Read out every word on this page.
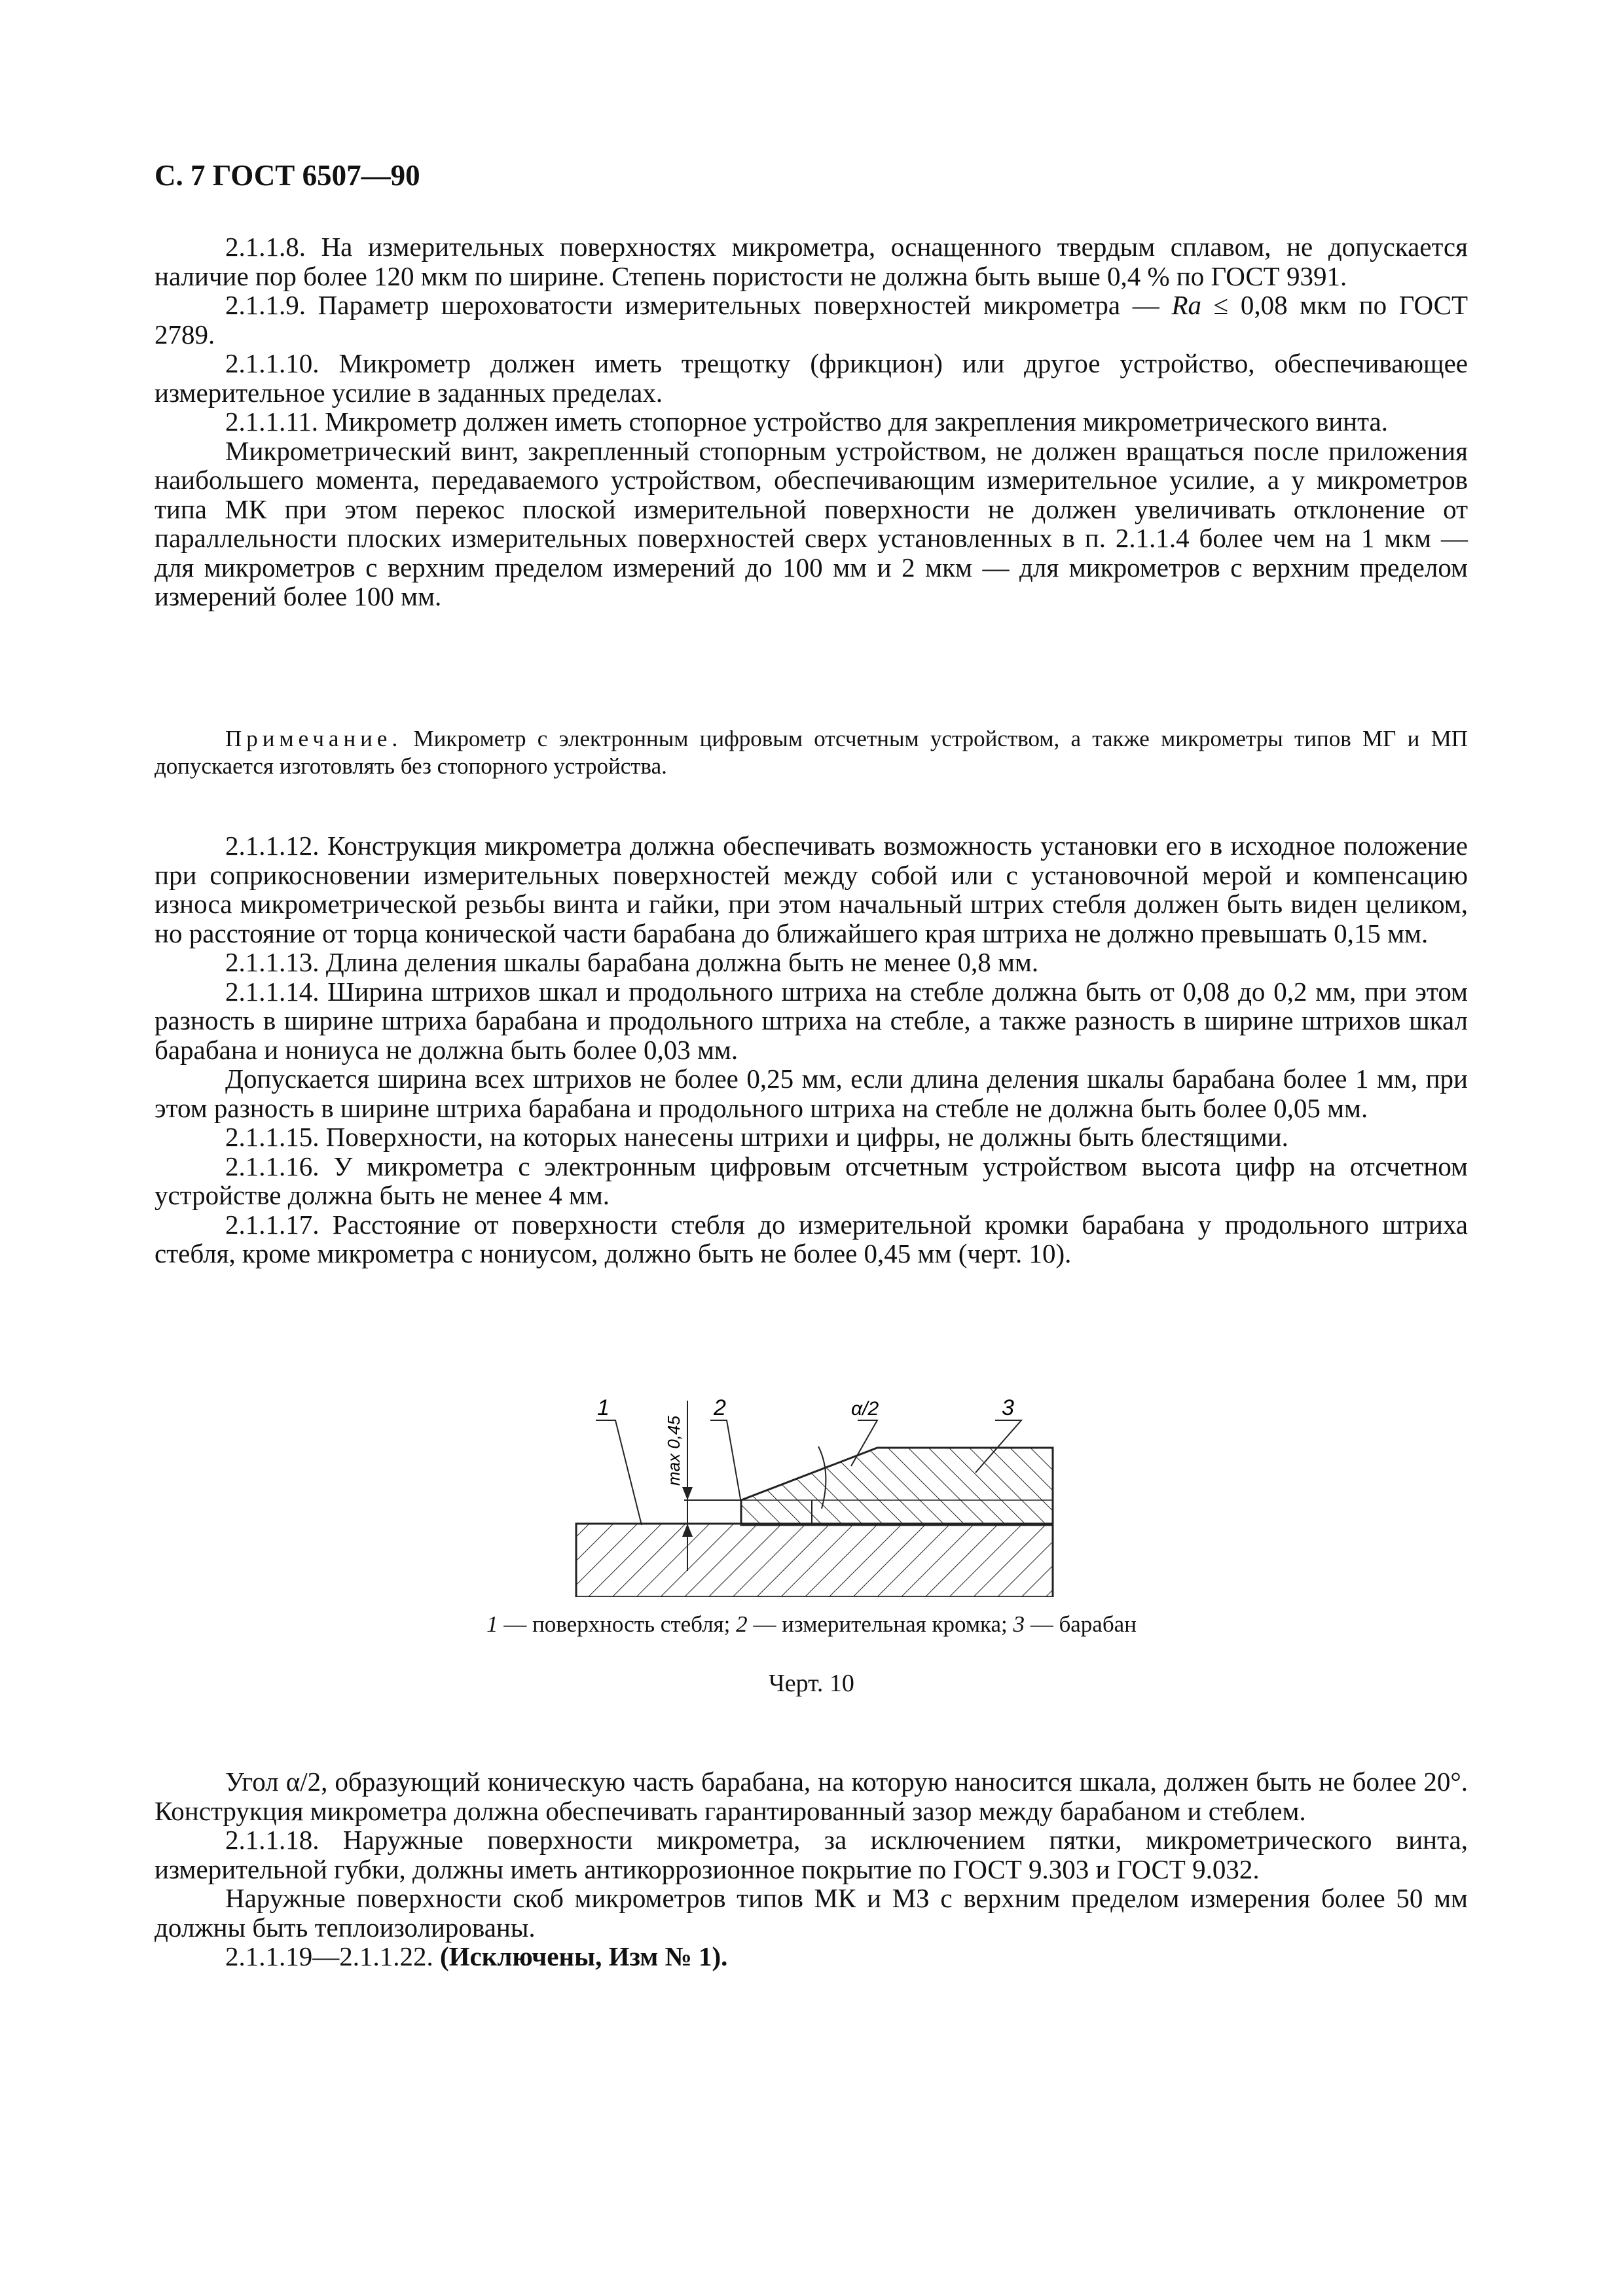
С. 7 ГОСТ 6507—90

2.1.1.8. На измерительных поверхностях микрометра, оснащенного твердым сплавом, не допускается наличие пор более 120 мкм по ширине. Степень пористости не должна быть выше 0,4 % по ГОСТ 9391.

2.1.1.9. Параметр шероховатости измерительных поверхностей микрометра — Ra ≤ 0,08 мкм по ГОСТ 2789.

2.1.1.10. Микрометр должен иметь трещотку (фрикцион) или другое устройство, обеспечивающее измерительное усилие в заданных пределах.

2.1.1.11. Микрометр должен иметь стопорное устройство для закрепления микрометрического винта.

Микрометрический винт, закрепленный стопорным устройством, не должен вращаться после приложения наибольшего момента, передаваемого устройством, обеспечивающим измерительное усилие, а у микрометров типа МК при этом перекос плоской измерительной поверхности не должен увеличивать отклонение от параллельности плоских измерительных поверхностей сверх установленных в п. 2.1.1.4 более чем на 1 мкм — для микрометров с верхним пределом измерений до 100 мм и 2 мкм — для микрометров с верхним пределом измерений более 100 мм.

Примечание. Микрометр с электронным цифровым отсчетным устройством, а также микрометры типов МГ и МП допускается изготовлять без стопорного устройства.

2.1.1.12. Конструкция микрометра должна обеспечивать возможность установки его в исходное положение при соприкосновении измерительных поверхностей между собой или с установочной мерой и компенсацию износа микрометрической резьбы винта и гайки, при этом начальный штрих стебля должен быть виден целиком, но расстояние от торца конической части барабана до ближайшего края штриха не должно превышать 0,15 мм.

2.1.1.13. Длина деления шкалы барабана должна быть не менее 0,8 мм.

2.1.1.14. Ширина штрихов шкал и продольного штриха на стебле должна быть от 0,08 до 0,2 мм, при этом разность в ширине штриха барабана и продольного штриха на стебле, а также разность в ширине штрихов шкал барабана и нониуса не должна быть более 0,03 мм.

Допускается ширина всех штрихов не более 0,25 мм, если длина деления шкалы барабана более 1 мм, при этом разность в ширине штриха барабана и продольного штриха на стебле не должна быть более 0,05 мм.

2.1.1.15. Поверхности, на которых нанесены штрихи и цифры, не должны быть блестящими.

2.1.1.16. У микрометра с электронным цифровым отсчетным устройством высота цифр на отсчетном устройстве должна быть не менее 4 мм.

2.1.1.17. Расстояние от поверхности стебля до измерительной кромки барабана у продольного штриха стебля, кроме микрометра с нониусом, должно быть не более 0,45 мм (черт. 10).

1	2	α/2	3
max 0,45
1 — поверхность стебля; 2 — измерительная кромка; 3 — барабан
Черт. 10

Угол α/2, образующий коническую часть барабана, на которую наносится шкала, должен быть не более 20°. Конструкция микрометра должна обеспечивать гарантированный зазор между барабаном и стеблем.

2.1.1.18. Наружные поверхности микрометра, за исключением пятки, микрометрического винта, измерительной губки, должны иметь антикоррозионное покрытие по ГОСТ 9.303 и ГОСТ 9.032.

Наружные поверхности скоб микрометров типов МК и МЗ с верхним пределом измерения более 50 мм должны быть теплоизолированы.

2.1.1.19—2.1.1.22. (Исключены, Изм № 1).
